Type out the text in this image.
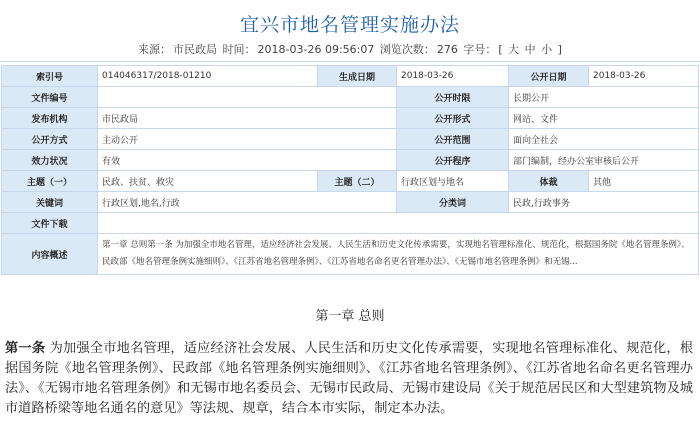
宜兴市地名管理实施办法
来源： 市民政局 时间： 2018-03-26 09:56:07 浏览次数： 276 字号： [ 大 中 小 ]
索引号	014046317/2018-01210	生成日期	2018-03-26	公开日期	2018-03-26
文件编号			公开时限	长期公开	
发布机构	市民政局		公开形式	网站、文件	
公开方式	主动公开		公开范围	面向全社会	
效力状况	有效		公开程序	部门编制，经办公室审核后公开	
主题（一）	民政、扶贫、救灾	主题（二）	行政区划与地名	体裁	其他
关键词	行政区划,地名,行政		分类词	民政,行政事务	
文件下载					
内容概述	第一章 总则第一条 为加强全市地名管理，适应经济社会发展、人民生活和历史文化传承需要，实现地名管理标准化、规范化，根据国务院《地名管理条例》、民政部《地名管理条例实施细则》、《江苏省地名管理条例》、《江苏省地名命名更名管理办法》、《无锡市地名管理条例》和无锡...				
第一章 总则
第一条 为加强全市地名管理，适应经济社会发展、人民生活和历史文化传承需要，实现地名管理标准化、规范化，根据国务院《地名管理条例》、民政部《地名管理条例实施细则》、《江苏省地名管理条例》、《江苏省地名命名更名管理办法》、《无锡市地名管理条例》和无锡市地名委员会、无锡市民政局、无锡市建设局《关于规范居民区和大型建筑物及城市道路桥梁等地名通名的意见》等法规、规章，结合本市实际，制定本办法。
